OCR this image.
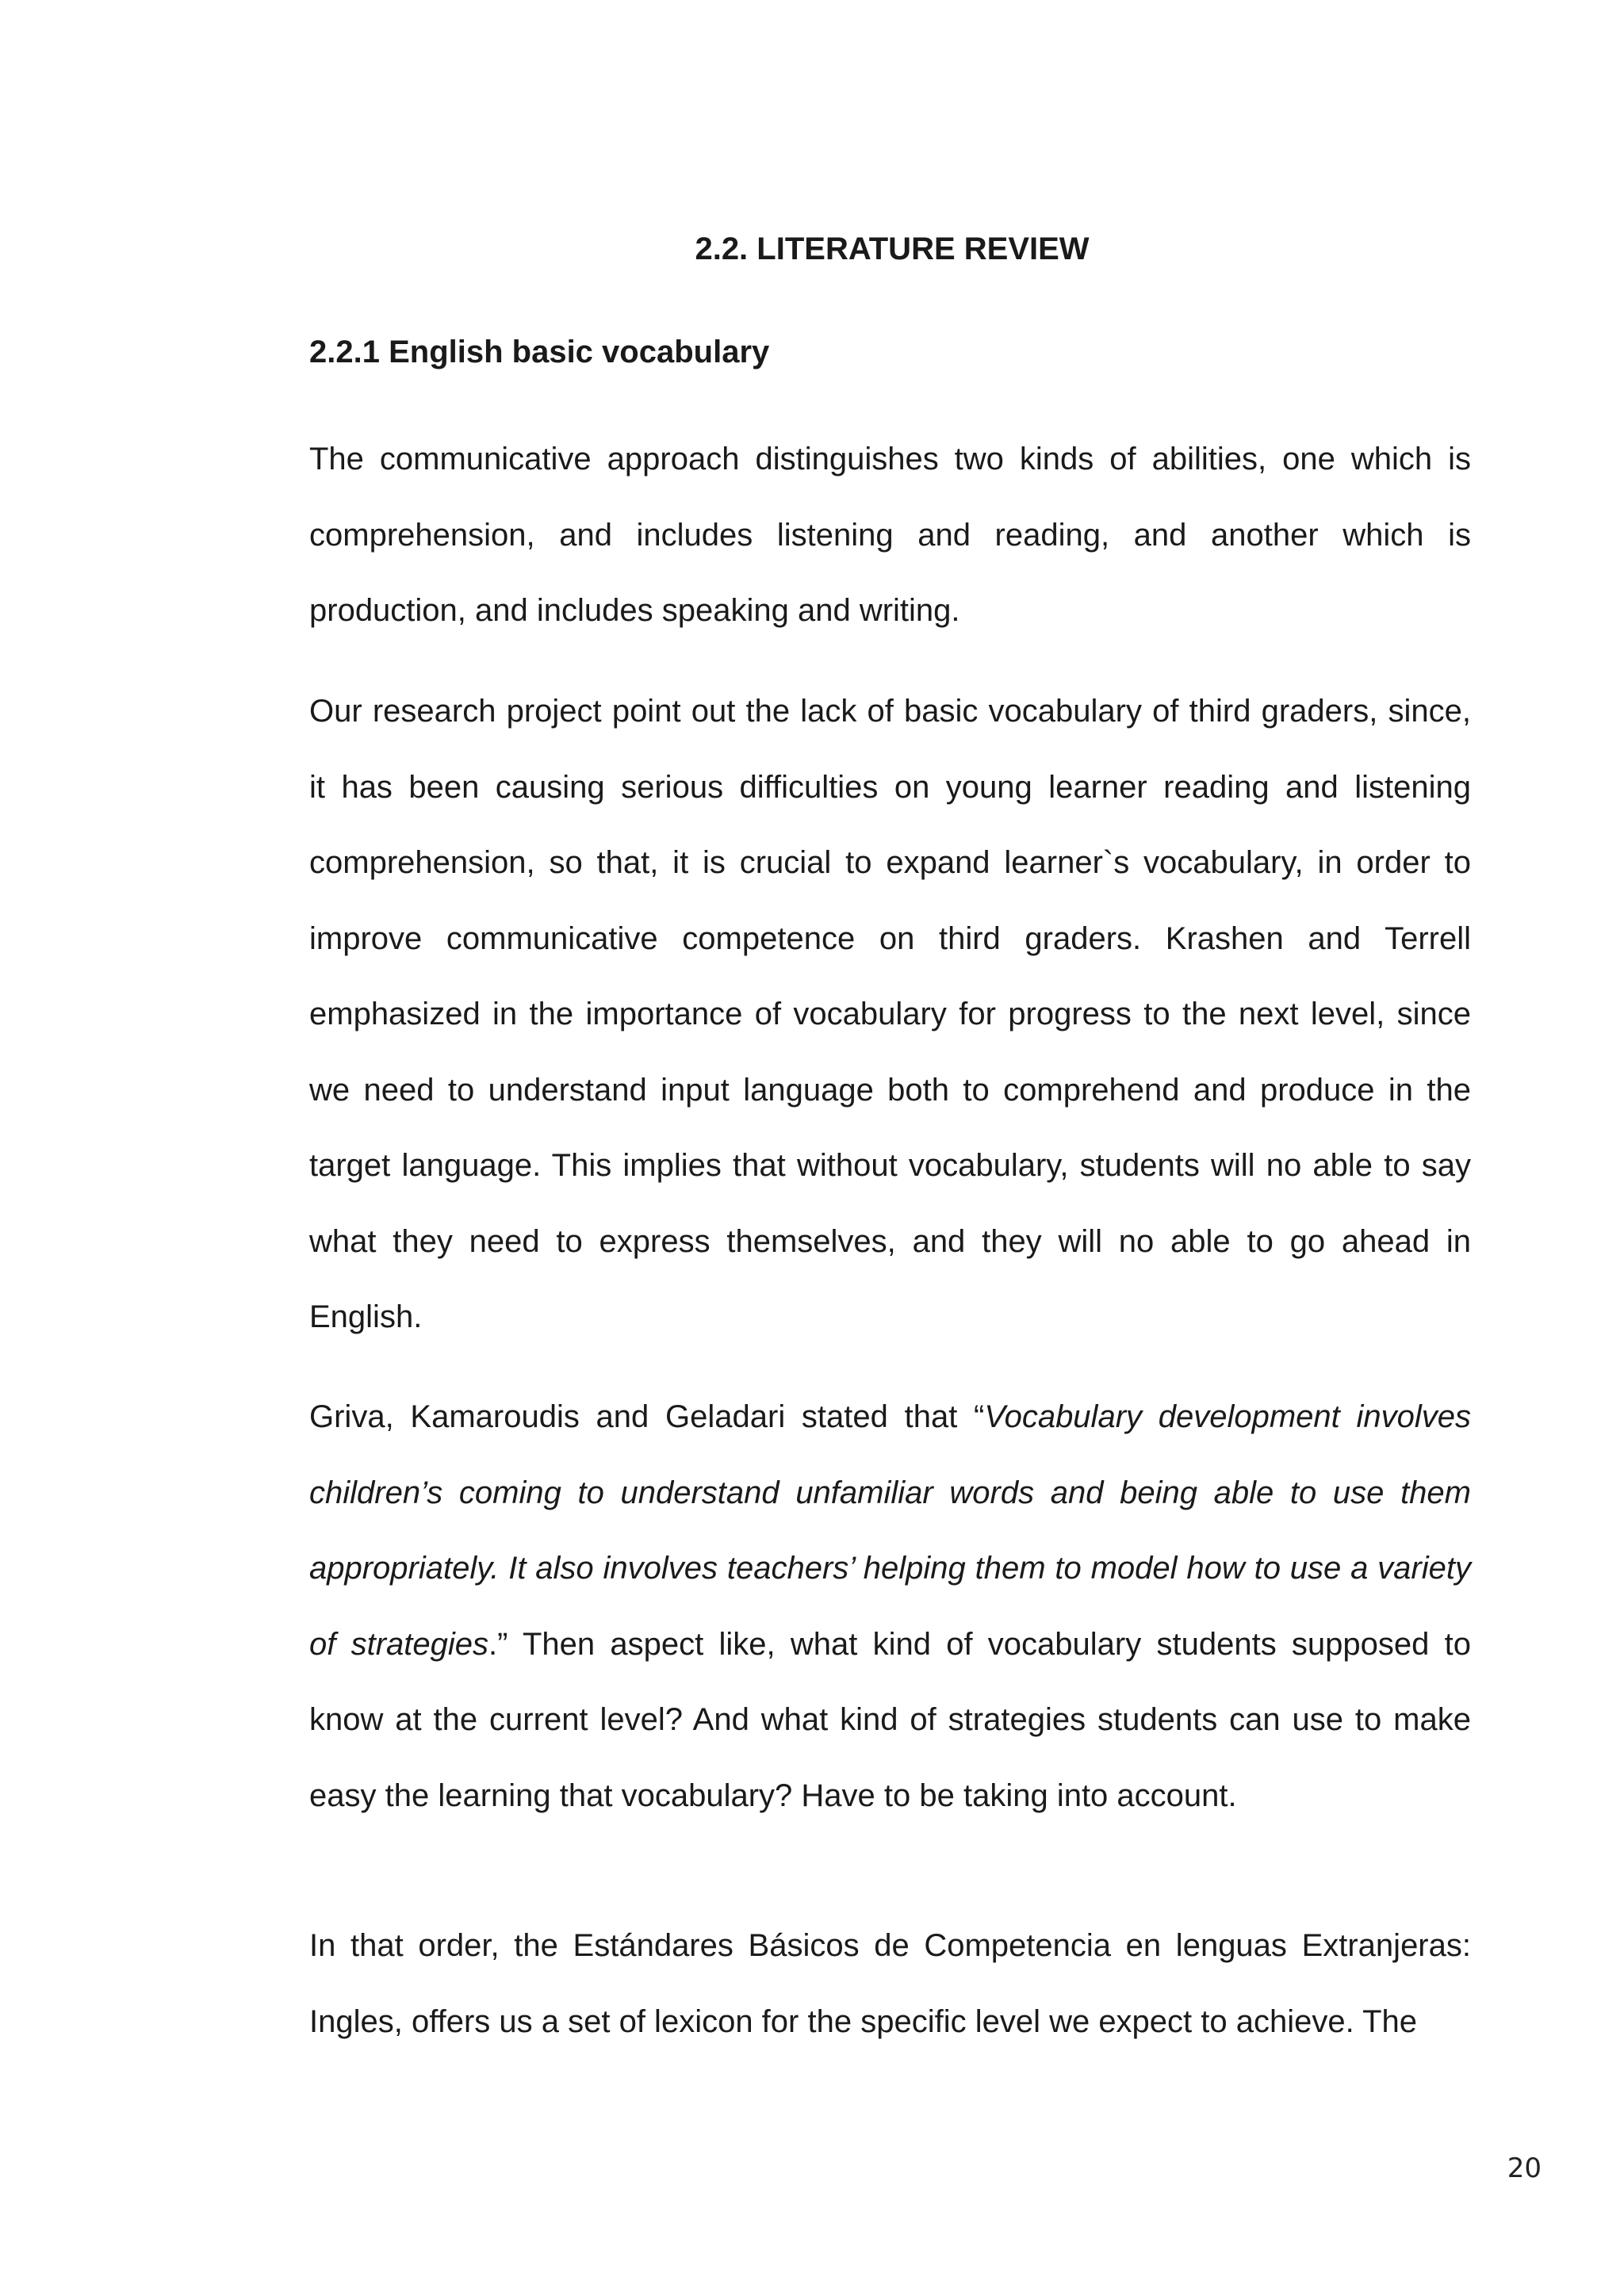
2.2. LITERATURE REVIEW
2.2.1 English basic vocabulary

The communicative approach distinguishes two kinds of abilities, one which is comprehension, and includes listening and reading, and another which is production, and includes speaking and writing.

Our research project point out the lack of basic vocabulary of third graders, since, it has been causing serious difficulties on young learner reading and listening comprehension, so that, it is crucial to expand learner`s vocabulary, in order to improve communicative competence on third graders. Krashen and Terrell emphasized in the importance of vocabulary for progress to the next level, since we need to understand input language both to comprehend and produce in the target language. This implies that without vocabulary, students will no able to say what they need to express themselves, and they will no able to go ahead in English.

Griva, Kamaroudis and Geladari stated that “Vocabulary development involves children’s coming to understand unfamiliar words and being able to use them appropriately. It also involves teachers’ helping them to model how to use a variety of strategies.” Then aspect like, what kind of vocabulary students supposed to know at the current level? And what kind of strategies students can use to make easy the learning that vocabulary? Have to be taking into account.

In that order, the Estándares Básicos de Competencia en lenguas Extranjeras: Ingles, offers us a set of lexicon for the specific level we expect to achieve. The

20
